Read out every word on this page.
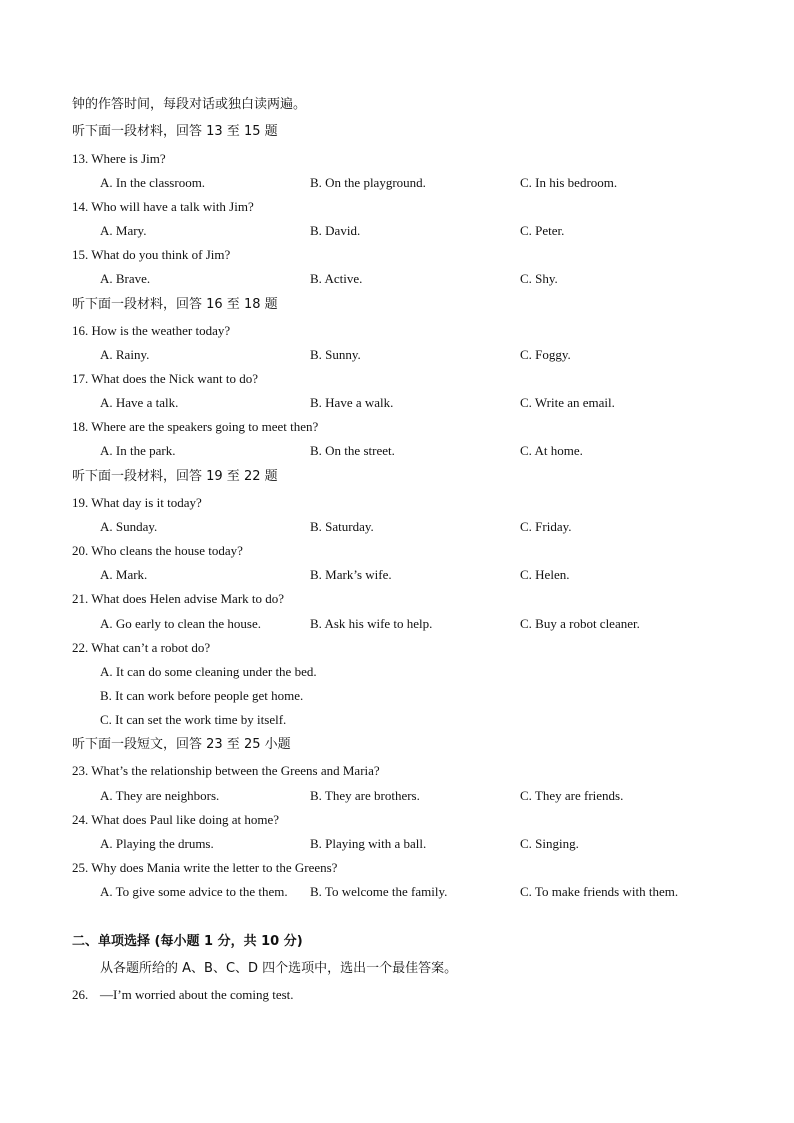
钟的作答时间，每段对话或独白读两遍。
听下面一段材料，回答 13 至 15 题
13. Where is Jim?
A. In the classroom.	B. On the playground.	C. In his bedroom.
14. Who will have a talk with Jim?
A. Mary.	B. David.	C. Peter.
15. What do you think of Jim?
A. Brave.	B. Active.	C. Shy.
听下面一段材料，回答 16 至 18 题
16. How is the weather today?
A. Rainy.	B. Sunny.	C. Foggy.
17. What does the Nick want to do?
A. Have a talk.	B. Have a walk.	C. Write an email.
18. Where are the speakers going to meet then?
A. In the park.	B. On the street.	C. At home.
听下面一段材料，回答 19 至 22 题
19. What day is it today?
A. Sunday.	B. Saturday.	C. Friday.
20. Who cleans the house today?
A. Mark.	B. Mark’s wife.	C. Helen.
21. What does Helen advise Mark to do?
A. Go early to clean the house.	B. Ask his wife to help.	C. Buy a robot cleaner.
22. What can’t a robot do?
A. It can do some cleaning under the bed.
B. It can work before people get home.
C. It can set the work time by itself.
听下面一段短文，回答 23 至 25 小题
23. What’s the relationship between the Greens and Maria?
A. They are neighbors.	B. They are brothers.	C. They are friends.
24. What does Paul like doing at home?
A. Playing the drums.	B. Playing with a ball.	C. Singing.
25. Why does Mania write the letter to the Greens?
A. To give some advice to the them. B. To welcome the family.	C. To make friends with them.
二、单项选择 (每小题 1 分，共 10 分)
从各题所给的 A、B、C、D 四个选项中，选出一个最佳答案。
26. —I’m worried about the coming test.
